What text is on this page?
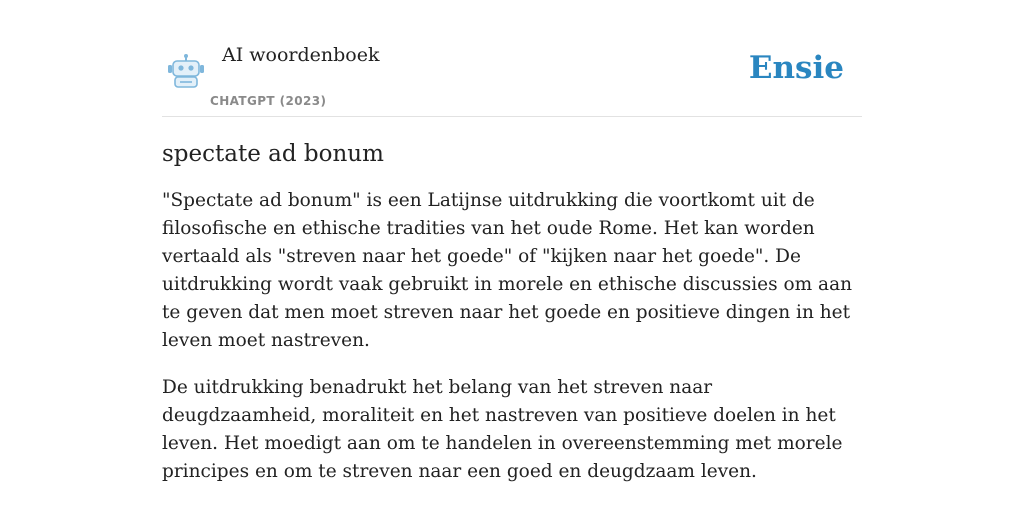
AI woordenboek
CHATGPT (2023)
Ensie
spectate ad bonum

"Spectate ad bonum" is een Latijnse uitdrukking die voortkomt uit de filosofische en ethische tradities van het oude Rome. Het kan worden vertaald als "streven naar het goede" of "kijken naar het goede". De uitdrukking wordt vaak gebruikt in morele en ethische discussies om aan te geven dat men moet streven naar het goede en positieve dingen in het leven moet nastreven.

De uitdrukking benadrukt het belang van het streven naar deugdzaamheid, moraliteit en het nastreven van positieve doelen in het leven. Het moedigt aan om te handelen in overeenstemming met morele principes en om te streven naar een goed en deugdzaam leven.
